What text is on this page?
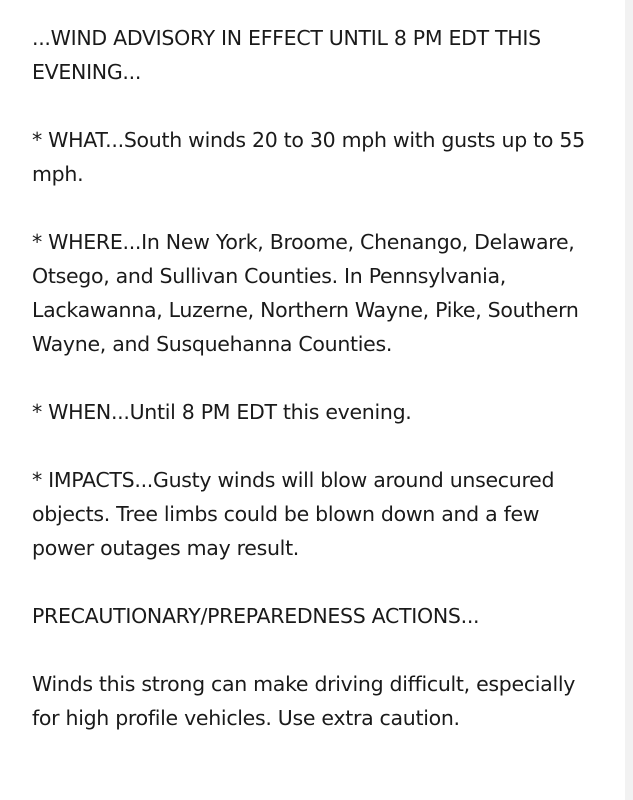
...WIND ADVISORY IN EFFECT UNTIL 8 PM EDT THIS EVENING...

* WHAT...South winds 20 to 30 mph with gusts up to 55 mph.

* WHERE...In New York, Broome, Chenango, Delaware, Otsego, and Sullivan Counties. In Pennsylvania, Lackawanna, Luzerne, Northern Wayne, Pike, Southern Wayne, and Susquehanna Counties.

* WHEN...Until 8 PM EDT this evening.

* IMPACTS...Gusty winds will blow around unsecured objects. Tree limbs could be blown down and a few power outages may result.

PRECAUTIONARY/PREPAREDNESS ACTIONS...

Winds this strong can make driving difficult, especially for high profile vehicles. Use extra caution.
